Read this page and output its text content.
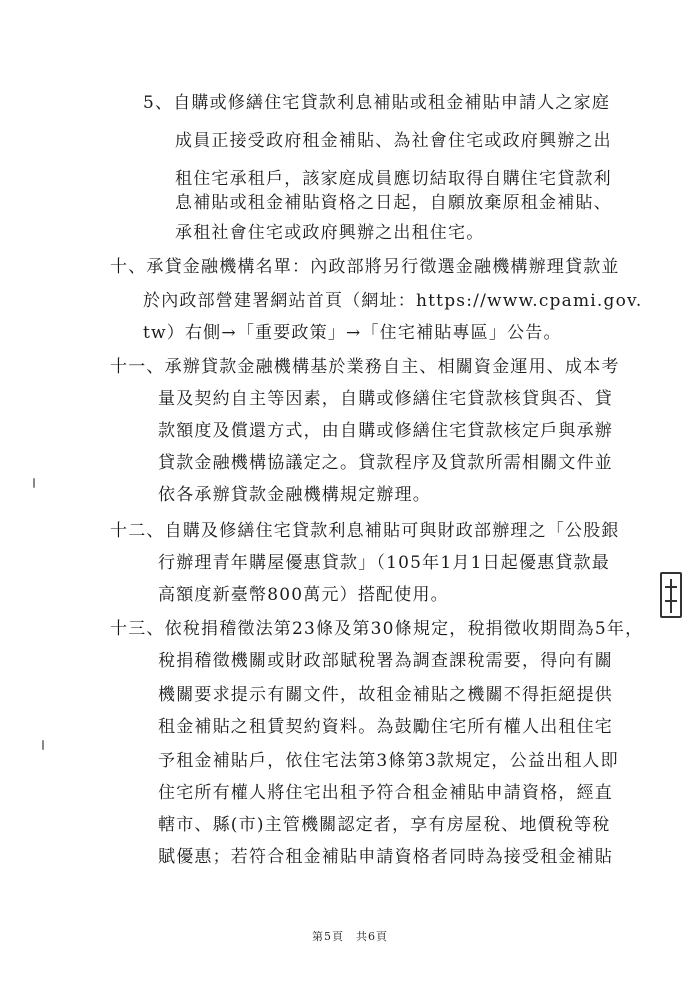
5、自購或修繕住宅貸款利息補貼或租金補貼申請人之家庭
成員正接受政府租金補貼、為社會住宅或政府興辦之出
租住宅承租戶，該家庭成員應切結取得自購住宅貸款利
息補貼或租金補貼資格之日起，自願放棄原租金補貼、
承租社會住宅或政府興辦之出租住宅。
十、承貸金融機構名單：內政部將另行徵選金融機構辦理貸款並
於內政部營建署網站首頁（網址：https://www.cpami.gov.
tw）右側→「重要政策」→「住宅補貼專區」公告。
十一、承辦貸款金融機構基於業務自主、相關資金運用、成本考
量及契約自主等因素，自購或修繕住宅貸款核貸與否、貸
款額度及償還方式，由自購或修繕住宅貸款核定戶與承辦
貸款金融機構協議定之。貸款程序及貸款所需相關文件並
依各承辦貸款金融機構規定辦理。
十二、自購及修繕住宅貸款利息補貼可與財政部辦理之「公股銀
行辦理青年購屋優惠貸款」（105年1月1日起優惠貸款最
高額度新臺幣800萬元）搭配使用。
十三、依稅捐稽徵法第23條及第30條規定，稅捐徵收期間為5年，
稅捐稽徵機關或財政部賦稅署為調查課稅需要，得向有關
機關要求提示有關文件，故租金補貼之機關不得拒絕提供
租金補貼之租賃契約資料。為鼓勵住宅所有權人出租住宅
予租金補貼戶，依住宅法第3條第3款規定，公益出租人即
住宅所有權人將住宅出租予符合租金補貼申請資格，經直
轄市、縣(市)主管機關認定者，享有房屋稅、地價稅等稅
賦優惠；若符合租金補貼申請資格者同時為接受租金補貼
第5頁　共6頁
